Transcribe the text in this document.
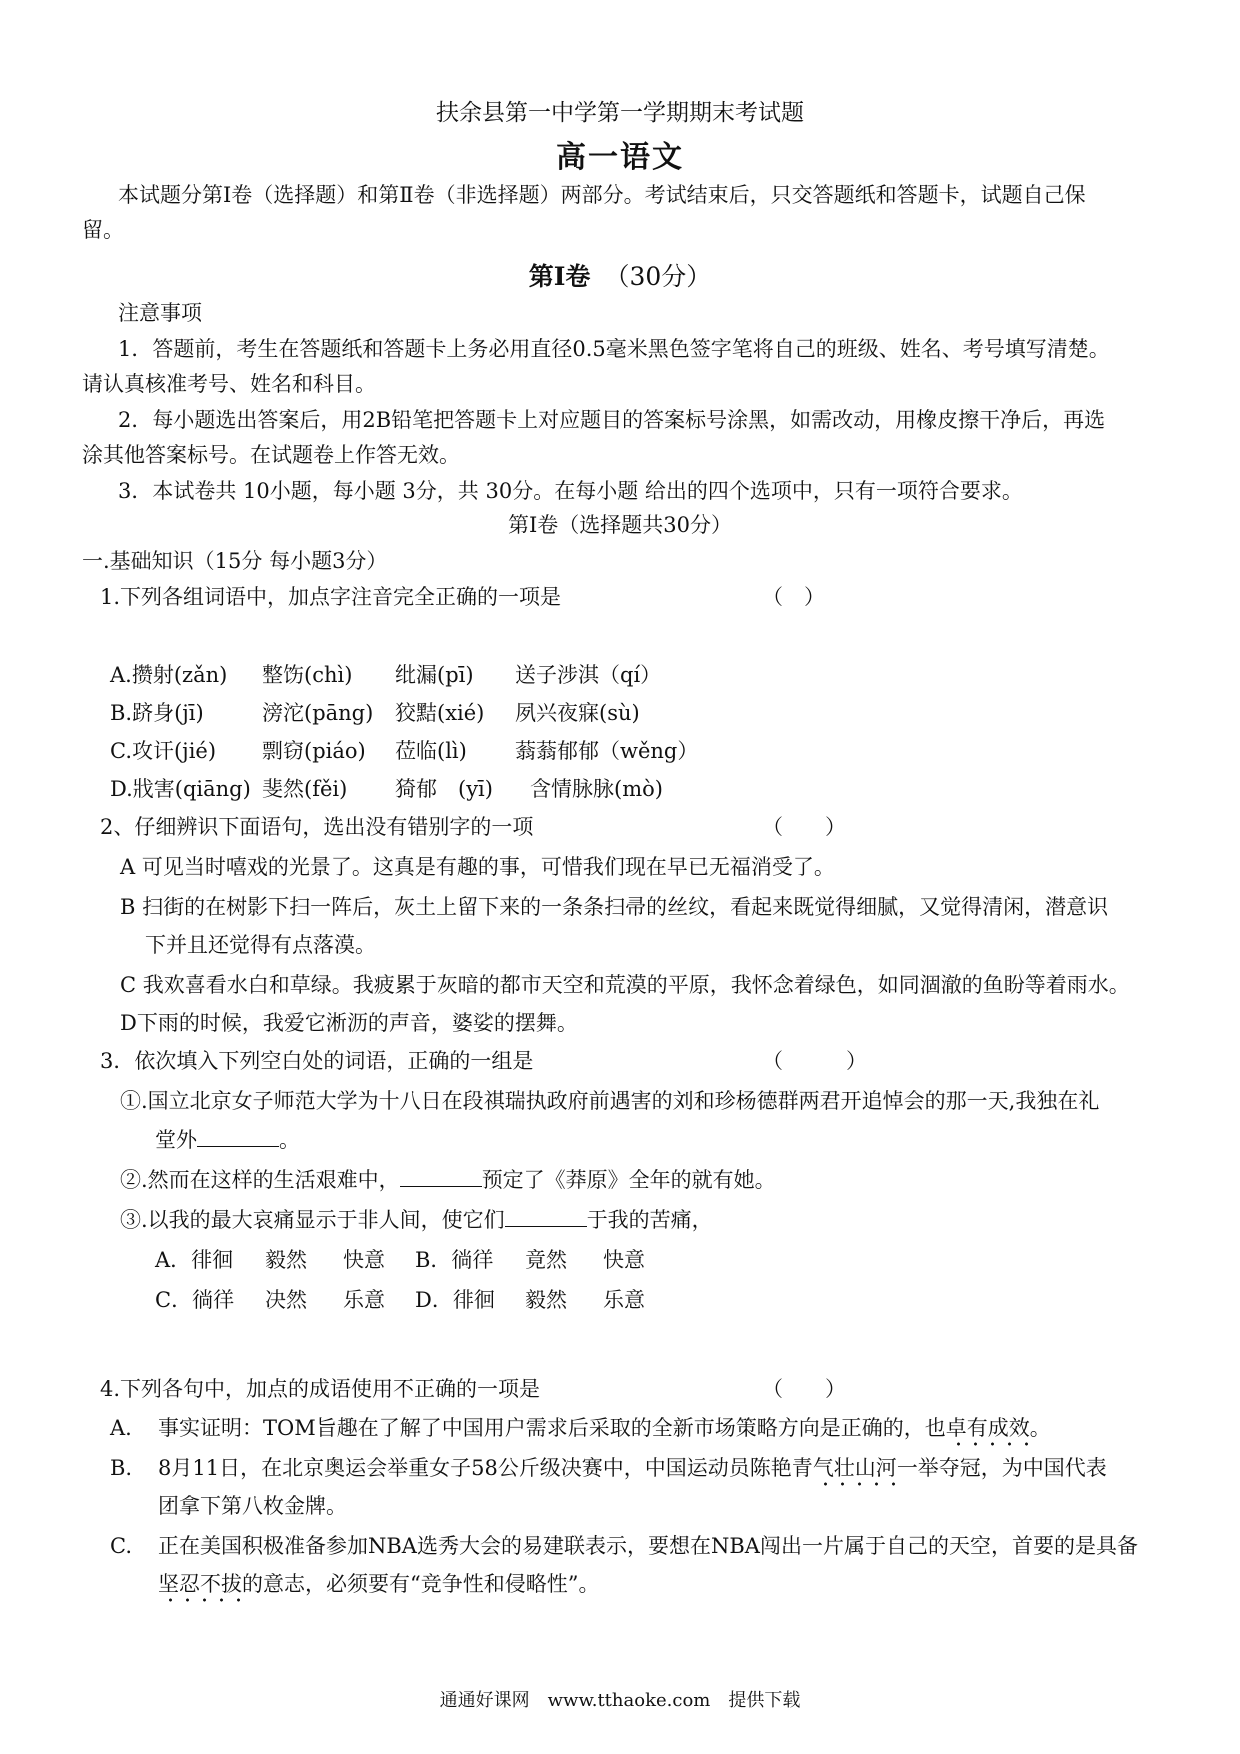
扶余县第一中学第一学期期末考试题
高一语文
本试题分第Ⅰ卷（选择题）和第Ⅱ卷（非选择题）两部分。考试结束后，只交答题纸和答题卡，试题自己保
留。
第Ⅰ卷 （30分）
注意事项
1．答题前，考生在答题纸和答题卡上务必用直径0.5毫米黑色签字笔将自己的班级、姓名、考号填写清楚。
请认真核准考号、姓名和科目。
2．每小题选出答案后，用2B铅笔把答题卡上对应题目的答案标号涂黑，如需改动，用橡皮擦干净后，再选
涂其他答案标号。在试题卷上作答无效。
3．本试卷共 10小题，每小题 3分，共 30分。在每小题 给出的四个选项中，只有一项符合要求。
第Ⅰ卷（选择题共30分）
一.基础知识（15分 每小题3分）
1.下列各组词语中，加点字注音完全正确的一项是	（　）
A.攒射(zǎn) 整饬(chì) 纰漏(pī) 送子涉淇（qí）
B.跻身(jī)	滂沱(pāng) 狡黠(xié) 夙兴夜寐(sù)
C.攻讦(jié) 剽窃(piáo) 莅临(lì) 蓊蓊郁郁（wěng）
D.戕害(qiāng) 斐然(fěi) 猗郁　(yī) 含情脉脉(mò)
2、仔细辨识下面语句，选出没有错别字的一项	（　　）
A 可见当时嘻戏的光景了。这真是有趣的事，可惜我们现在早已无福消受了。
B 扫街的在树影下扫一阵后，灰土上留下来的一条条扫帚的丝纹，看起来既觉得细腻，又觉得清闲，潜意识
下并且还觉得有点落漠。
C 我欢喜看水白和草绿。我疲累于灰暗的都市天空和荒漠的平原，我怀念着绿色，如同涸澈的鱼盼等着雨水。
D下雨的时候，我爱它淅沥的声音，婆娑的摆舞。
3．依次填入下列空白处的词语，正确的一组是	（　　　）
①.国立北京女子师范大学为十八日在段祺瑞执政府前遇害的刘和珍杨德群两君开追悼会的那一天,我独在礼
堂外	。
②.然而在这样的生活艰难中，	预定了《莽原》全年的就有她。
③.以我的最大哀痛显示于非人间，使它们	于我的苦痛，
A．徘徊 毅然 快意 B．徜徉 竟然 快意
C．徜徉 决然 乐意 D．徘徊 毅然 乐意
4.下列各句中，加点的成语使用不正确的一项是	（　　）
A.	事实证明：TOM旨趣在了解了中国用户需求后采取的全新市场策略方向是正确的，也卓有成效。
B.	8月11日，在北京奥运会举重女子58公斤级决赛中，中国运动员陈艳青气壮山河一举夺冠，为中国代表
团拿下第八枚金牌。
C.	正在美国积极准备参加NBA选秀大会的易建联表示，要想在NBA闯出一片属于自己的天空，首要的是具备
坚忍不拔的意志，必须要有“竞争性和侵略性”。
通通好课网　www.tthaoke.com　提供下载
